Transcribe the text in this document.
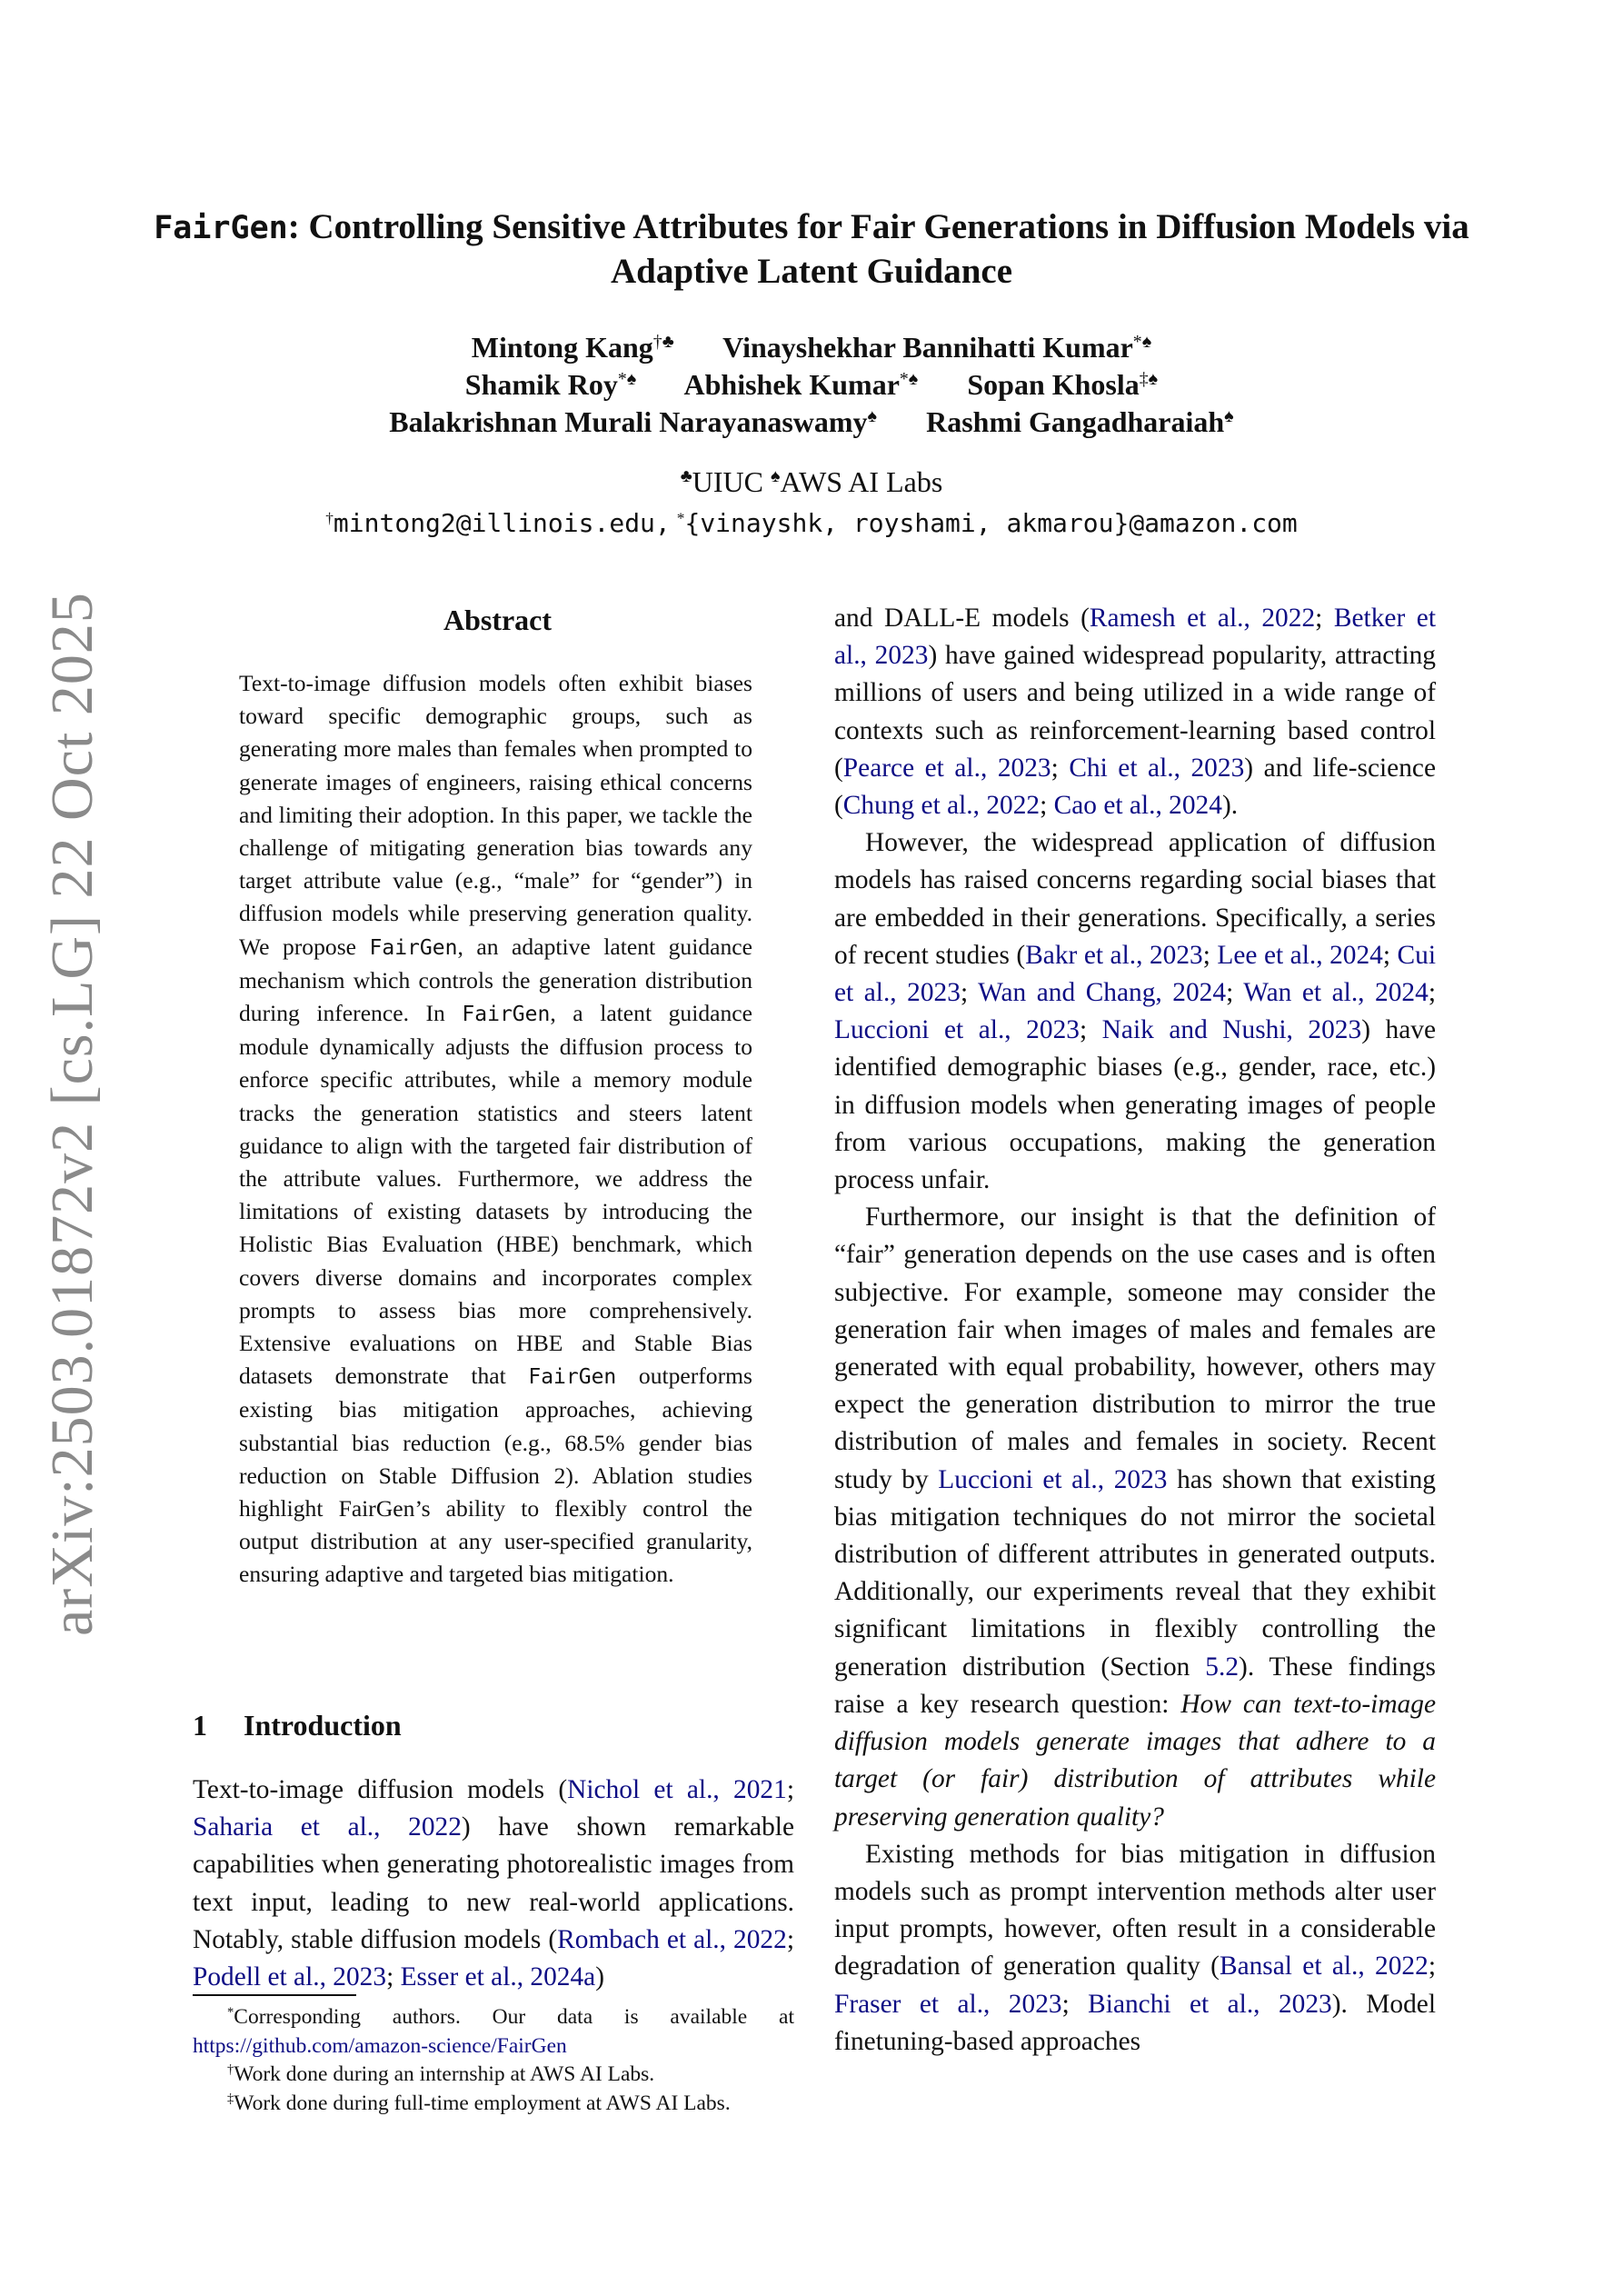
arXiv:2503.01872v2 [cs.LG] 22 Oct 2025
FairGen: Controlling Sensitive Attributes for Fair Generations in Diffusion Models via Adaptive Latent Guidance
Mintong Kang†♣ Vinayshekhar Bannihatti Kumar*♠
Shamik Roy*♠ Abhishek Kumar*♠ Sopan Khosla‡♠
Balakrishnan Murali Narayanaswamy♠ Rashmi Gangadharaiah♠
♣UIUC ♠AWS AI Labs
†mintong2@illinois.edu, *{vinayshk, royshami, akmarou}@amazon.com
Abstract
Text-to-image diffusion models often exhibit biases toward specific demographic groups, such as generating more males than females when prompted to generate images of engineers, raising ethical concerns and limiting their adoption. In this paper, we tackle the challenge of mitigating generation bias towards any target attribute value (e.g., “male” for “gender”) in diffusion models while preserving generation quality. We propose FairGen, an adaptive latent guidance mechanism which controls the generation distribution during inference. In FairGen, a latent guidance module dynamically adjusts the diffusion process to enforce specific attributes, while a memory module tracks the generation statistics and steers latent guidance to align with the targeted fair distribution of the attribute values. Furthermore, we address the limitations of existing datasets by introducing the Holistic Bias Evaluation (HBE) benchmark, which covers diverse domains and incorporates complex prompts to assess bias more comprehensively. Extensive evaluations on HBE and Stable Bias datasets demonstrate that FairGen outperforms existing bias mitigation approaches, achieving substantial bias reduction (e.g., 68.5% gender bias reduction on Stable Diffusion 2). Ablation studies highlight FairGen’s ability to flexibly control the output distribution at any user-specified granularity, ensuring adaptive and targeted bias mitigation.
1 Introduction
Text-to-image diffusion models (Nichol et al., 2021; Saharia et al., 2022) have shown remarkable capabilities when generating photorealistic images from text input, leading to new real-world applications. Notably, stable diffusion models (Rombach et al., 2022; Podell et al., 2023; Esser et al., 2024a)

*Corresponding authors. Our data is available at https://github.com/amazon-science/FairGen

†Work done during an internship at AWS AI Labs.

‡Work done during full-time employment at AWS AI Labs.

and DALL-E models (Ramesh et al., 2022; Betker et al., 2023) have gained widespread popularity, attracting millions of users and being utilized in a wide range of contexts such as reinforcement-learning based control (Pearce et al., 2023; Chi et al., 2023) and life-science (Chung et al., 2022; Cao et al., 2024).

However, the widespread application of diffusion models has raised concerns regarding social biases that are embedded in their generations. Specifically, a series of recent studies (Bakr et al., 2023; Lee et al., 2024; Cui et al., 2023; Wan and Chang, 2024; Wan et al., 2024; Luccioni et al., 2023; Naik and Nushi, 2023) have identified demographic biases (e.g., gender, race, etc.) in diffusion models when generating images of people from various occupations, making the generation process unfair.

Furthermore, our insight is that the definition of “fair” generation depends on the use cases and is often subjective. For example, someone may consider the generation fair when images of males and females are generated with equal probability, however, others may expect the generation distribution to mirror the true distribution of males and females in society. Recent study by Luccioni et al., 2023 has shown that existing bias mitigation techniques do not mirror the societal distribution of different attributes in generated outputs. Additionally, our experiments reveal that they exhibit significant limitations in flexibly controlling the generation distribution (Section 5.2). These findings raise a key research question: How can text-to-image diffusion models generate images that adhere to a target (or fair) distribution of attributes while preserving generation quality?

Existing methods for bias mitigation in diffusion models such as prompt intervention methods alter user input prompts, however, often result in a considerable degradation of generation quality (Bansal et al., 2022; Fraser et al., 2023; Bianchi et al., 2023). Model finetuning-based approaches
